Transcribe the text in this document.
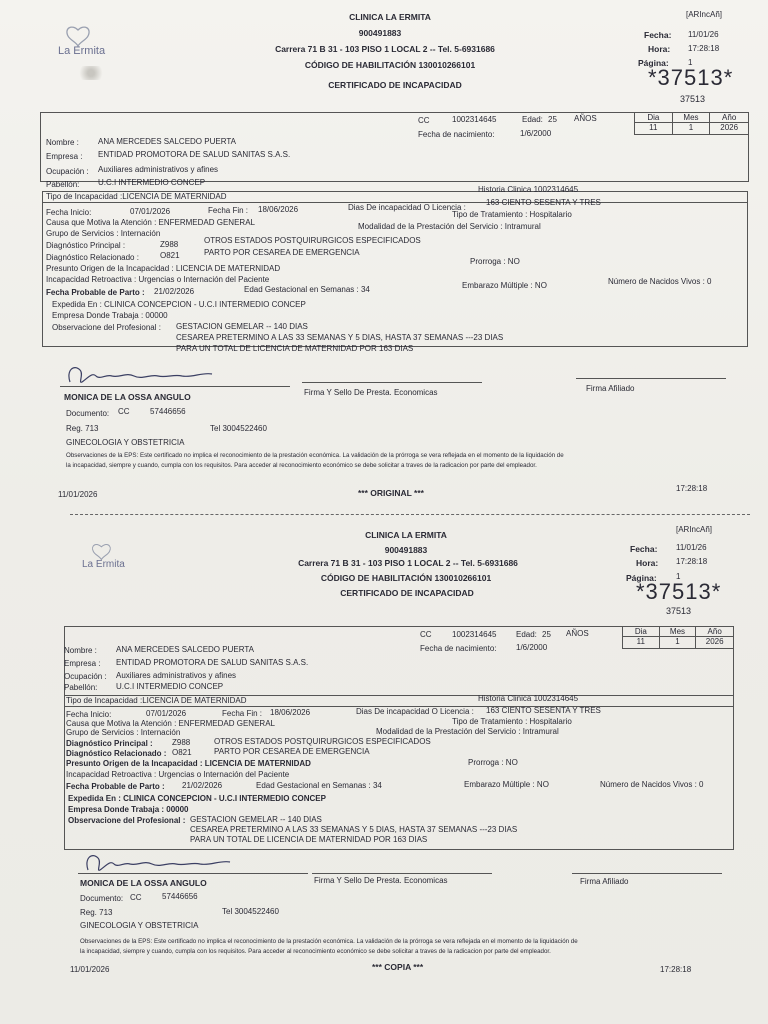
La Ermita
CLINICA LA ERMITA
900491883
Carrera 71 B 31 - 103 PISO 1 LOCAL 2 -- Tel. 5-6931686
CÓDIGO DE HABILITACIÓN 130010266101
CERTIFICADO DE INCAPACIDAD
[ARIncAñ]
Fecha: 11/01/26
Hora: 17:28:18
Página: 1
*37513*
37513
CC	1002314645	Edad: 25 AÑOS
Fecha de nacimiento:	1/6/2000
Dia	Mes	Año
11	1	2026
Nombre : ANA MERCEDES SALCEDO PUERTA
Empresa : ENTIDAD PROMOTORA DE SALUD SANITAS S.A.S.
Ocupación : Auxiliares administrativos y afines
Pabellón: U.C.I INTERMEDIO CONCEP
Tipo de Incapacidad :LICENCIA DE MATERNIDAD
Historia Clinica 1002314645
Fecha Inicio:	07/01/2026	Fecha Fin : 18/06/2026	Dias De incapacidad O Licencia :
163 CIENTO SESENTA Y TRES
Causa que Motiva la Atención : ENFERMEDAD GENERAL
Tipo de Tratamiento : Hospitalario
Grupo de Servicios : Internación
Modalidad de la Prestación del Servicio : Intramural
Diagnóstico Principal :	Z988	OTROS ESTADOS POSTQUIRURGICOS ESPECIFICADOS
Diagnóstico Relacionado :	O821	PARTO POR CESAREA DE EMERGENCIA
Presunto Origen de la Incapacidad : LICENCIA DE MATERNIDAD
Prorroga : NO
Incapacidad Retroactiva : Urgencias o Internación del Paciente
Fecha Probable de Parto : 21/02/2026	Edad Gestacional en Semanas : 34	Embarazo Múltiple : NO	Número de Nacidos Vivos : 0
Expedida En : CLINICA CONCEPCION - U.C.I INTERMEDIO CONCEP
Empresa Donde Trabaja : 00000
Observacione del Profesional : GESTACION GEMELAR -- 140 DIAS
CESAREA PRETERMINO A LAS 33 SEMANAS Y 5 DIAS, HASTA 37 SEMANAS ---23 DIAS
PARA UN TOTAL DE LICENCIA DE MATERNIDAD POR 163 DIAS
MONICA DE LA OSSA ANGULO	Firma Y Sello De Presta. Economicas	Firma Afiliado
Documento: CC	57446656
Reg. 713	Tel 3004522460
GINECOLOGIA Y OBSTETRICIA
Observaciones de la EPS: Este certificado no implica el reconocimiento de la prestación económica. La validación de la prórroga se vera reflejada en el momento de la liquidación de
la incapacidad, siempre y cuando, cumpla con los requisitos. Para acceder al reconocimiento económico se debe solicitar a traves de la radicacion por parte del empleador.
11/01/2026	*** ORIGINAL ***	17:28:18
La Ermita
CLINICA LA ERMITA
900491883
Carrera 71 B 31 - 103 PISO 1 LOCAL 2 -- Tel. 5-6931686
CÓDIGO DE HABILITACIÓN 130010266101
CERTIFICADO DE INCAPACIDAD
[ARIncAñ]
Fecha: 11/01/26
Hora: 17:28:18
Página: 1
*37513*
37513
CC	1002314645 Edad: 25 AÑOS
Fecha de nacimiento: 1/6/2000
Dia	Mes	Año
11	1	2026
Nombre : ANA MERCEDES SALCEDO PUERTA
Empresa : ENTIDAD PROMOTORA DE SALUD SANITAS S.A.S.
Ocupación : Auxiliares administrativos y afines
Pabellón: U.C.I INTERMEDIO CONCEP
Tipo de Incapacidad :LICENCIA DE MATERNIDAD	Historia Clinica 1002314645
Fecha Inicio:	07/01/2026	Fecha Fin : 18/06/2026	Dias De incapacidad O Licencia : 163 CIENTO SESENTA Y TRES
Causa que Motiva la Atención : ENFERMEDAD GENERAL	Tipo de Tratamiento : Hospitalario
Grupo de Servicios : Internación	Modalidad de la Prestación del Servicio : Intramural
Diagnóstico Principal : Z988	OTROS ESTADOS POSTQUIRURGICOS ESPECIFICADOS
Diagnóstico Relacionado : O821	PARTO POR CESAREA DE EMERGENCIA
Presunto Origen de la Incapacidad : LICENCIA DE MATERNIDAD	Prorroga : NO
Incapacidad Retroactiva : Urgencias o Internación del Paciente
Fecha Probable de Parto : 21/02/2026	Edad Gestacional en Semanas : 34	Embarazo Múltiple : NO	Número de Nacidos Vivos : 0
Expedida En : CLINICA CONCEPCION - U.C.I INTERMEDIO CONCEP
Empresa Donde Trabaja : 00000
Observacione del Profesional : GESTACION GEMELAR -- 140 DIAS
CESAREA PRETERMINO A LAS 33 SEMANAS Y 5 DIAS, HASTA 37 SEMANAS ---23 DIAS
PARA UN TOTAL DE LICENCIA DE MATERNIDAD POR 163 DIAS
MONICA DE LA OSSA ANGULO	Firma Y Sello De Presta. Economicas	Firma Afiliado
Documento: CC	57446656
Reg. 713	Tel 3004522460
GINECOLOGIA Y OBSTETRICIA
Observaciones de la EPS: Este certificado no implica el reconocimiento de la prestación económica. La validación de la prórroga se vera reflejada en el momento de la liquidación de
la incapacidad, siempre y cuando, cumpla con los requisitos. Para acceder al reconocimiento económico se debe solicitar a traves de la radicacion por parte del empleador.
11/01/2026	*** COPIA ***	17:28:18
